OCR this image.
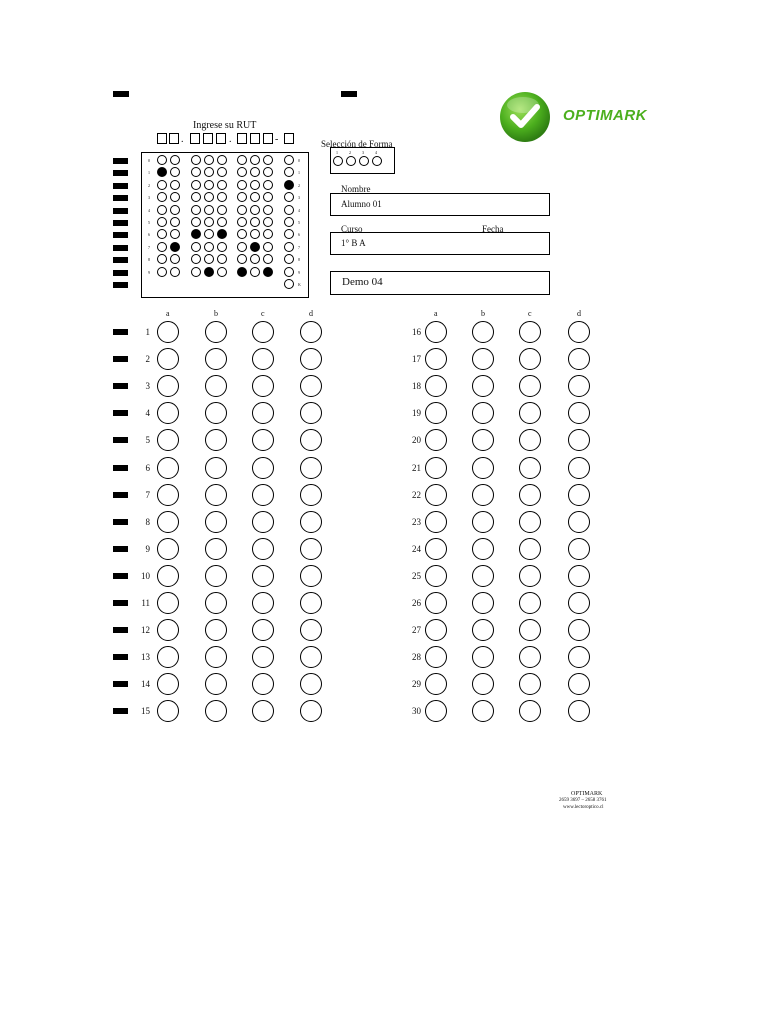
OPTIMARK
Ingrese su RUT
.	.	-
0
1
2
3
4
5
6
7
8
9
0
1
2
3
4
5
6
7
8
9
K
Selección de Forma
1	2	3	4
Nombre
Alumno 01
Curso	Fecha
1° B A
Demo 04
a	a
b	b
c	c
d	d
1
2
3
4
5
6
7
8
9
10
11
12
13
14
15
16
17
18
19
20
21
22
23
24
25
26
27
28
29
30
OPTIMARK
2659 3697 – 2658 3761
www.lectoroptico.cl
